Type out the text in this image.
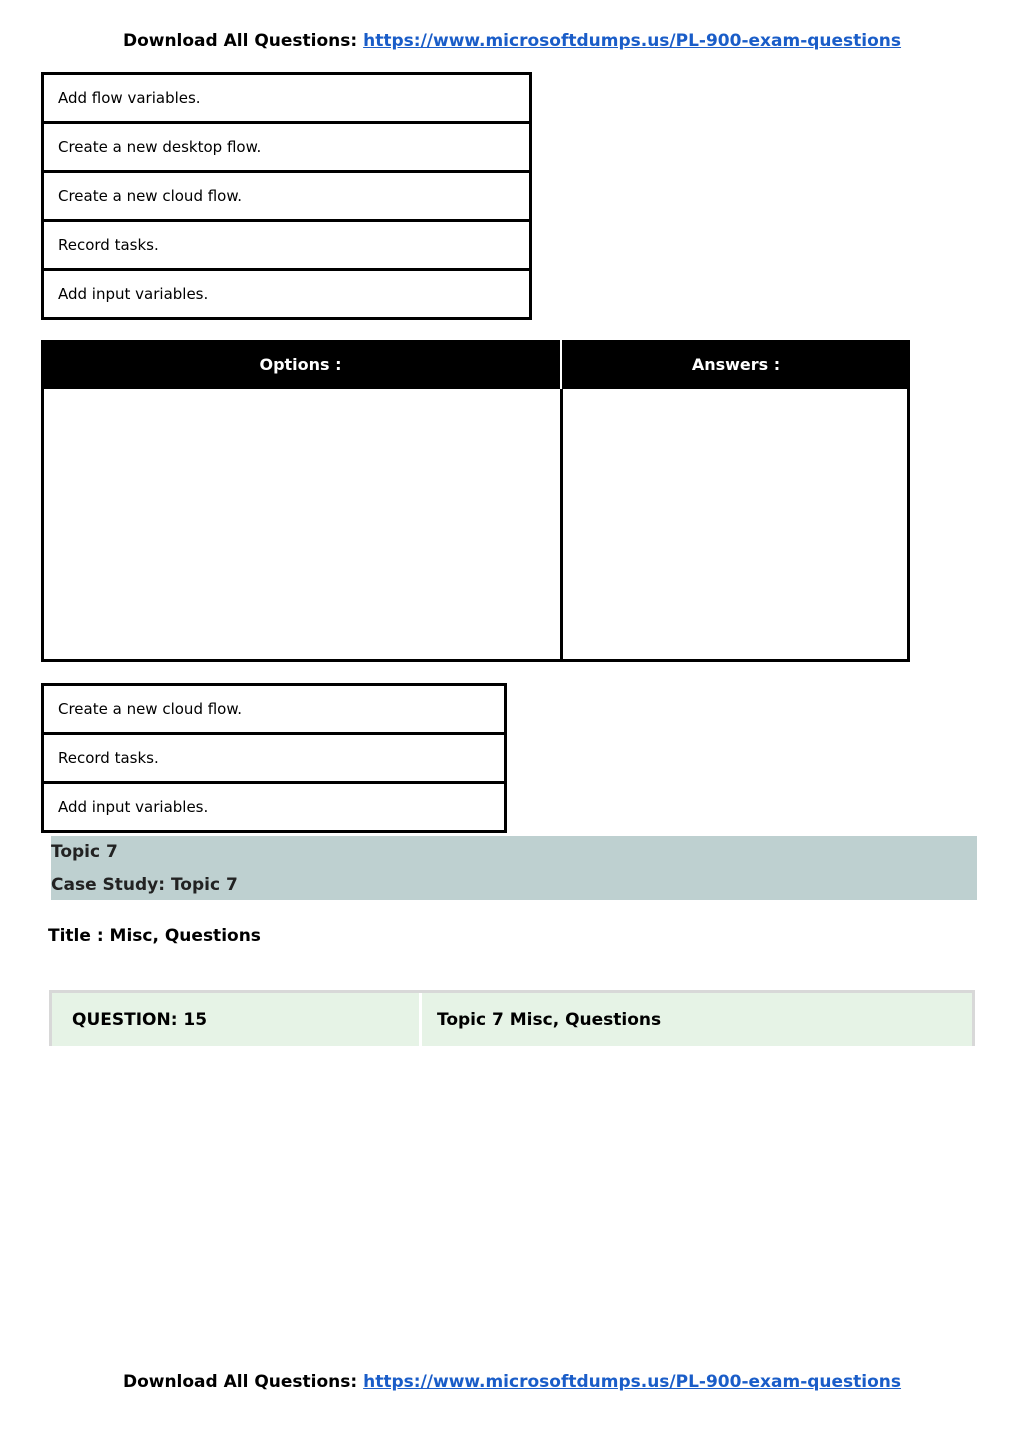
Download All Questions: https://www.microsoftdumps.us/PL-900-exam-questions
Add flow variables.
Create a new desktop flow.
Create a new cloud flow.
Record tasks.
Add input variables.
Options :	Answers :
Create a new cloud flow.
Record tasks.
Add input variables.
Topic 7
Case Study: Topic 7
Title : Misc, Questions
QUESTION: 15	Topic 7 Misc, Questions
Download All Questions: https://www.microsoftdumps.us/PL-900-exam-questions
